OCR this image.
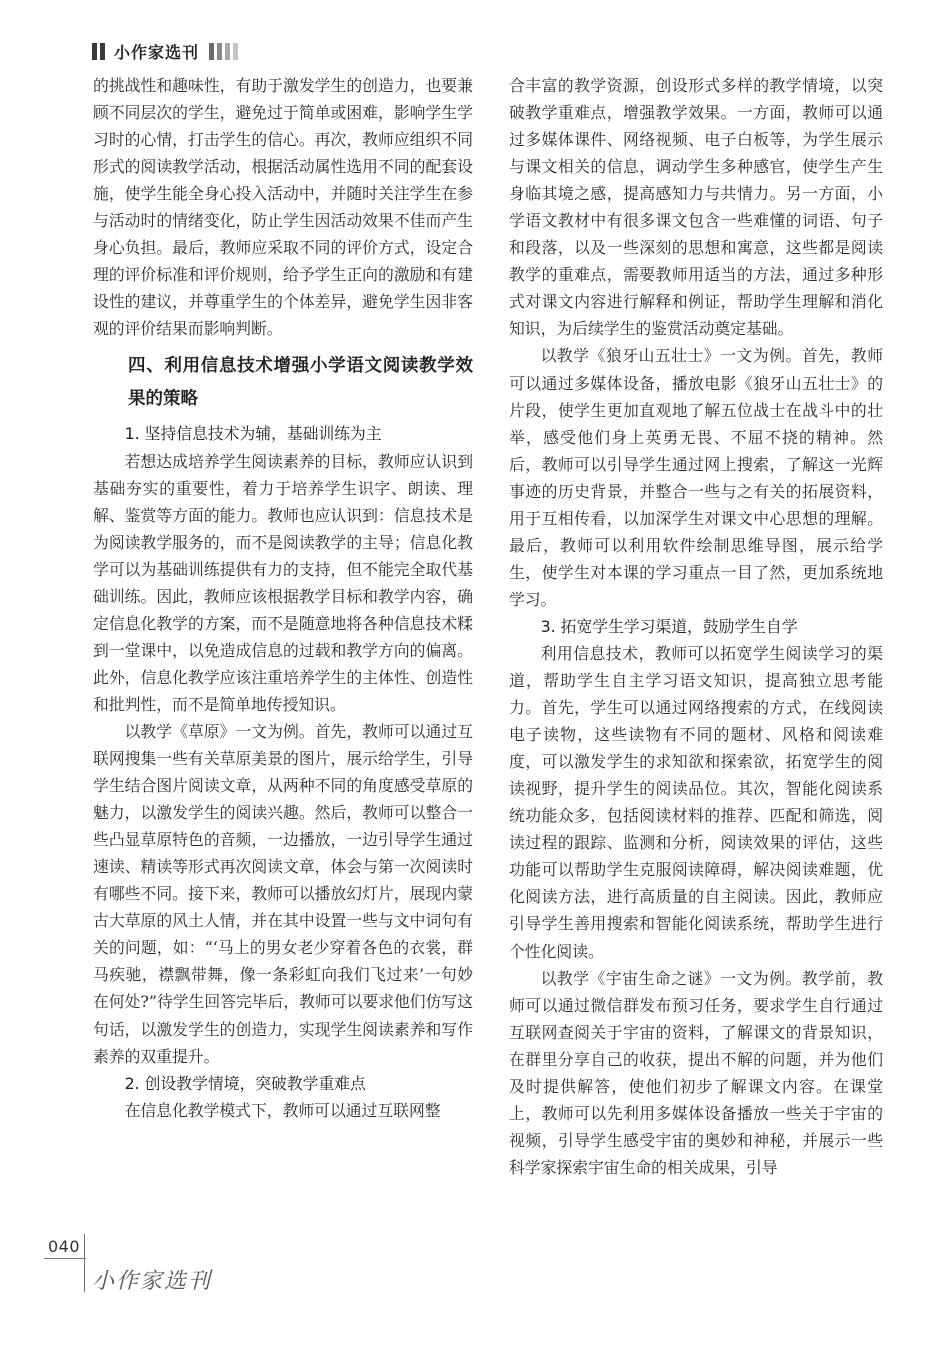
小作家选刊

的挑战性和趣味性，有助于激发学生的创造力，也要兼顾不同层次的学生，避免过于简单或困难，影响学生学习时的心情，打击学生的信心。再次，教师应组织不同形式的阅读教学活动，根据活动属性选用不同的配套设施，使学生能全身心投入活动中，并随时关注学生在参与活动时的情绪变化，防止学生因活动效果不佳而产生身心负担。最后，教师应采取不同的评价方式，设定合理的评价标准和评价规则，给予学生正向的激励和有建设性的建议，并尊重学生的个体差异，避免学生因非客观的评价结果而影响判断。

四、利用信息技术增强小学语文阅读教学效果的策略
1. 坚持信息技术为辅，基础训练为主

若想达成培养学生阅读素养的目标，教师应认识到基础夯实的重要性，着力于培养学生识字、朗读、理解、鉴赏等方面的能力。教师也应认识到：信息技术是为阅读教学服务的，而不是阅读教学的主导；信息化教学可以为基础训练提供有力的支持，但不能完全取代基础训练。因此，教师应该根据教学目标和教学内容，确定信息化教学的方案，而不是随意地将各种信息技术糅到一堂课中，以免造成信息的过载和教学方向的偏离。此外，信息化教学应该注重培养学生的主体性、创造性和批判性，而不是简单地传授知识。

以教学《草原》一文为例。首先，教师可以通过互联网搜集一些有关草原美景的图片，展示给学生，引导学生结合图片阅读文章，从两种不同的角度感受草原的魅力，以激发学生的阅读兴趣。然后，教师可以整合一些凸显草原特色的音频，一边播放，一边引导学生通过速读、精读等形式再次阅读文章，体会与第一次阅读时有哪些不同。接下来，教师可以播放幻灯片，展现内蒙古大草原的风土人情，并在其中设置一些与文中词句有关的问题，如：“‘马上的男女老少穿着各色的衣裳，群马疾驰，襟飘带舞，像一条彩虹向我们飞过来’一句妙在何处?”待学生回答完毕后，教师可以要求他们仿写这句话，以激发学生的创造力，实现学生阅读素养和写作素养的双重提升。

2. 创设教学情境，突破教学重难点

在信息化教学模式下，教师可以通过互联网整

合丰富的教学资源，创设形式多样的教学情境，以突破教学重难点，增强教学效果。一方面，教师可以通过多媒体课件、网络视频、电子白板等，为学生展示与课文相关的信息，调动学生多种感官，使学生产生身临其境之感，提高感知力与共情力。另一方面，小学语文教材中有很多课文包含一些难懂的词语、句子和段落，以及一些深刻的思想和寓意，这些都是阅读教学的重难点，需要教师用适当的方法，通过多种形式对课文内容进行解释和例证，帮助学生理解和消化知识，为后续学生的鉴赏活动奠定基础。

以教学《狼牙山五壮士》一文为例。首先，教师可以通过多媒体设备，播放电影《狼牙山五壮士》的片段，使学生更加直观地了解五位战士在战斗中的壮举，感受他们身上英勇无畏、不屈不挠的精神。然后，教师可以引导学生通过网上搜索，了解这一光辉事迹的历史背景，并整合一些与之有关的拓展资料，用于互相传看，以加深学生对课文中心思想的理解。最后，教师可以利用软件绘制思维导图，展示给学生，使学生对本课的学习重点一目了然，更加系统地学习。

3. 拓宽学生学习渠道，鼓励学生自学

利用信息技术，教师可以拓宽学生阅读学习的渠道，帮助学生自主学习语文知识，提高独立思考能力。首先，学生可以通过网络搜索的方式，在线阅读电子读物，这些读物有不同的题材、风格和阅读难度，可以激发学生的求知欲和探索欲，拓宽学生的阅读视野，提升学生的阅读品位。其次，智能化阅读系统功能众多，包括阅读材料的推荐、匹配和筛选，阅读过程的跟踪、监测和分析，阅读效果的评估，这些功能可以帮助学生克服阅读障碍，解决阅读难题，优化阅读方法，进行高质量的自主阅读。因此，教师应引导学生善用搜索和智能化阅读系统，帮助学生进行个性化阅读。

以教学《宇宙生命之谜》一文为例。教学前，教师可以通过微信群发布预习任务，要求学生自行通过互联网查阅关于宇宙的资料，了解课文的背景知识，在群里分享自己的收获，提出不解的问题，并为他们及时提供解答，使他们初步了解课文内容。在课堂上，教师可以先利用多媒体设备播放一些关于宇宙的视频，引导学生感受宇宙的奥妙和神秘，并展示一些科学家探索宇宙生命的相关成果，引导

040
小作家选刊
